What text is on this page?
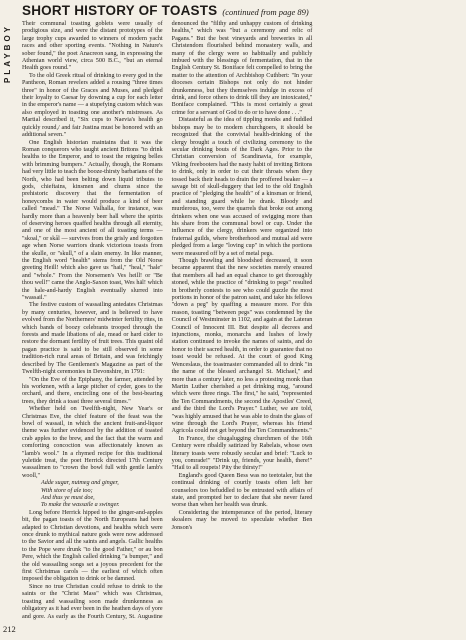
PLAYBOY
SHORT HISTORY OF TOASTS (continued from page 89)

Their communal toasting goblets were usually of prodigious size, and were the distant prototypes of the large trophy cups awarded to winners of modern yacht races and other sporting events. "Nothing in Nature's sober found," the poet Anacreon sang, in expressing the Athenian world view, circa 500 B.C., "but an eternal Health goes round."

To the old Greek ritual of drinking to every god in the Pantheon, Roman revelers added a rousing "three times three" in honor of the Graces and Muses, and pledged their loyalty to Caesar by downing a cup for each letter in the emperor's name — a stupefying custom which was also employed in toasting one another's mistresses. As Martial described it, "Six cups to Naevia's health go quickly round,/ and fair Justina must be honored with an additional seven."

One English historian maintains that it was the Roman conquerors who taught ancient Britons "to drink healths to the Emperor, and to toast the reigning belles with brimming bumpers." Actually, though, the Romans had very little to teach the booze-thirsty barbarians of the North, who had been belting down liquid tributes to gods, chieftains, kinsmen and chums since the prehistoric discovery that the fermentation of honeycombs in water would produce a kind of beer called "mead." The Norse Valhalla, for instance, was hardly more than a heavenly beer hall where the spirits of deserving heroes quaffed healths through all eternity, and one of the most ancient of all toasting terms — "skoal," or skål — survives from the grisly and forgotten age when Norse warriors drank victorious toasts from the skulle, or "skull," of a slain enemy. In like manner, the English word "health" stems from the Old Norse greeting Heill! which also gave us "hail," "heal," "hale" and "whole." From the Norsemen's Ves heill! or "Be thou well!" came the Anglo-Saxon toast, Wes hāl! which the hale-and-hardy English eventually slurred into "wassail."

The festive custom of wassailing antedates Christmas by many centuries, however, and is believed to have evolved from the Northerners' midwinter fertility rites, in which bands of boozy celebrants trooped through the forests and made libations of ale, mead or hard cider to restore the dormant fertility of fruit trees. This quaint old pagan practice is said to be still observed in some tradition-rich rural areas of Britain, and was fetchingly described by The Gentlemen's Magazine as part of the Twelfth-night ceremonies in Devonshire, in 1791:

"On the Eve of the Epiphany, the farmer, attended by his workmen, with a large pitcher of cyder, goes to the orchard, and there, encircling one of the best-bearing trees, they drink a toast three several times."

Whether held on Twelfth-night, New Year's or Christmas Eve, the chief feature of the feast was the bowl of wassail, in which the ancient fruit-and-liquor theme was further evidenced by the addition of toasted crab apples to the brew, and the fact that the warm and comforting concoction was affectionately known as "lamb's wool." In a rhymed recipe for this traditional yuletide treat, the poet Herrick directed 17th Century wassailmen to "crown the bowl full with gentle lamb's wooll,"

Adde sugar, nutmeg and ginger,

With store of ale too;

And thus ye must doe,

To make the wassaile a swinger.

Long before Herrick hipped to the ginger-and-apples bit, the pagan toasts of the North Europeans had been adapted to Christian devotions, and healths which were once drunk to mythical nature gods were now addressed to the Savior and all the saints and angels. Gallic healths to the Pope were drunk "to the good Father," or au bon Pere, which the English called drinking "a bumper," and the old wassailing songs set a joyous precedent for the first Christmas carols — the earliest of which often imposed the obligation to drink or be damned.

Since no true Christian could refuse to drink to the saints or the "Christ Mass" which was Christmas, toasting and wassailing soon made drunkenness as obligatory as it had ever been in the heathen days of yore and gore. As early as the Fourth Century, St. Augustine denounced the "filthy and unhappy custom of drinking healths," which was "but a ceremony and relic of Pagans." But the best vineyards and breweries in all Christendom flourished behind monastery walls, and many of the clergy were so habitually and publicly imbued with the blessings of fermentation, that in the English Century St. Boniface felt compelled to bring the matter to the attention of Archbishop Cuthbert: "In your dioceses certain Bishops not only do not hinder drunkenness, but they themselves indulge in excess of drink, and force others to drink till they are intoxicated," Boniface complained. "This is most certainly a great crime for a servant of God to do or to have done . . ."

Distasteful as the idea of tippling monks and fuddled bishops may be to modern churchgoers, it should be recognized that the convivial health-drinking of the clergy brought a touch of civilizing ceremony to the secular drinking bouts of the Dark Ages. Prior to the Christian conversion of Scandinavia, for example, Viking freebooters had the nasty habit of inviting Britons to drink, only in order to cut their throats when they tossed back their heads to drain the proffered beaker — a savage bit of skull-duggery that led to the old English practice of "pledging the health" of a kinsman or friend, and standing guard while he drank. Bloody and murderous, too, were the quarrels that broke out among drinkers when one was accused of swigging more than his share from the communal bowl or cup. Under the influence of the clergy, drinkers were organized into fraternal guilds, where brotherhood and mutual aid were pledged from a large "loving cup" in which the portions were measured off by a set of metal pegs.

Though brawling and bloodshed decreased, it soon became apparent that the new societies merely ensured that members all had an equal chance to get thoroughly stoned, while the practice of "drinking to pegs" resulted in brotherly contests to see who could guzzle the most portions in honor of the patron saint, and take his fellows "down a peg" by quaffing a measure more. For this reason, toasting "between pegs" was condemned by the Council of Westminster in 1102, and again at the Lateran Council of Innocent III. But despite all decrees and injunctions, monks, monarchs and lushes of lowly station continued to invoke the names of saints, and do honor to their sacred health, in order to guarantee that no toast would be refused. At the court of good King Wenceslaus, the toastmaster commanded all to drink "in the name of the blessed archangel St. Michael," and more than a century later, no less a protesting monk than Martin Luther cherished a pet drinking mug, "around which were three rings. The first," he said, "represented the Ten Commandments, the second the Apostles' Creed, and the third the Lord's Prayer." Luther, we are told, "was highly amused that he was able to drain the glass of wine through the Lord's Prayer, whereas his friend Agricola could not get beyond the Ten Commandments."

In France, the chugalugging churchmen of the 16th Century were ribaldly satirized by Rabelais, whose own literary toasts were robustly secular and brief: "Luck to you, comrade!" "Drink up, friends, your health, there!" "Hail to all roupets! Pity the thirsty!"

England's good Queen Bess was no teetotaler, but the continual drinking of courtly toasts often left her counselors too befuddled to be entrusted with affairs of state, and prompted her to declare that she never fared worse than when her health was drunk.

Considering the intemperance of the period, literary skoalers may be moved to speculate whether Ben Jonson's

212
